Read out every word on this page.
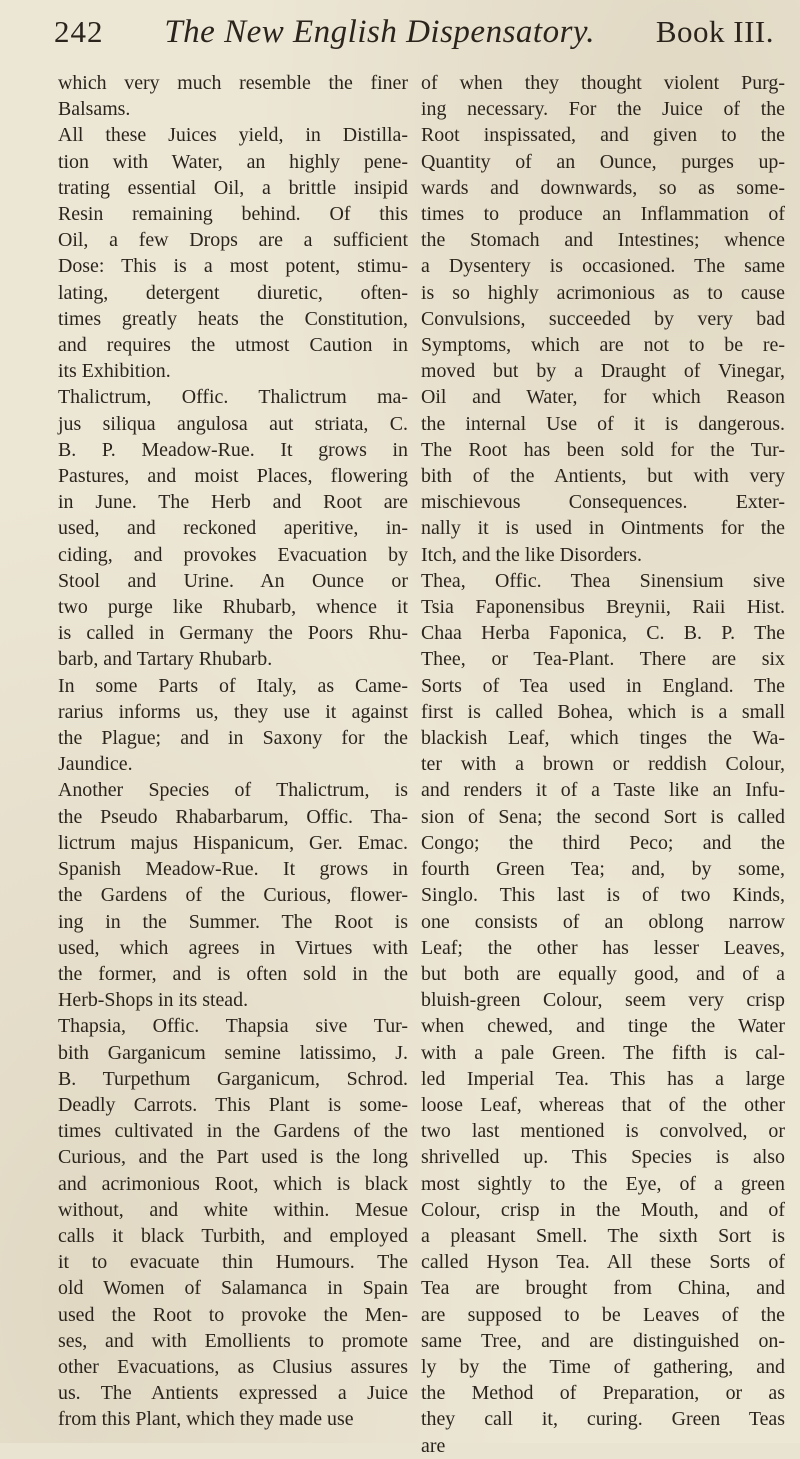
242 The New English Dispensatory. Book III.
which very much resemble the finer
Balsams.
All these Juices yield, in Distilla-
tion with Water, an highly pene-
trating essential Oil, a brittle insipid
Resin remaining behind. Of this
Oil, a few Drops are a sufficient
Dose: This is a most potent, stimu-
lating, detergent diuretic, often-
times greatly heats the Constitution,
and requires the utmost Caution in
its Exhibition.
Thalictrum, Offic. Thalictrum ma-
jus siliqua angulosa aut striata, C.
B. P. Meadow-Rue. It grows in
Pastures, and moist Places, flowering
in June. The Herb and Root are
used, and reckoned aperitive, in-
ciding, and provokes Evacuation by
Stool and Urine. An Ounce or
two purge like Rhubarb, whence it
is called in Germany the Poors Rhu-
barb, and Tartary Rhubarb.
In some Parts of Italy, as Came-
rarius informs us, they use it against
the Plague; and in Saxony for the
Jaundice.
Another Species of Thalictrum, is
the Pseudo Rhabarbarum, Offic. Tha-
lictrum majus Hispanicum, Ger. Emac.
Spanish Meadow-Rue. It grows in
the Gardens of the Curious, flower-
ing in the Summer. The Root is
used, which agrees in Virtues with
the former, and is often sold in the
Herb-Shops in its stead.
Thapsia, Offic. Thapsia sive Tur-
bith Garganicum semine latissimo, J.
B. Turpethum Garganicum, Schrod.
Deadly Carrots. This Plant is some-
times cultivated in the Gardens of the
Curious, and the Part used is the long
and acrimonious Root, which is black
without, and white within. Mesue
calls it black Turbith, and employed
it to evacuate thin Humours. The
old Women of Salamanca in Spain
used the Root to provoke the Men-
ses, and with Emollients to promote
other Evacuations, as Clusius assures
us. The Antients expressed a Juice
from this Plant, which they made use
of when they thought violent Purg-
ing necessary. For the Juice of the
Root inspissated, and given to the
Quantity of an Ounce, purges up-
wards and downwards, so as some-
times to produce an Inflammation of
the Stomach and Intestines; whence
a Dysentery is occasioned. The same
is so highly acrimonious as to cause
Convulsions, succeeded by very bad
Symptoms, which are not to be re-
moved but by a Draught of Vinegar,
Oil and Water, for which Reason
the internal Use of it is dangerous.
The Root has been sold for the Tur-
bith of the Antients, but with very
mischievous Consequences. Exter-
nally it is used in Ointments for the
Itch, and the like Disorders.
Thea, Offic. Thea Sinensium sive
Tsia Faponensibus Breynii, Raii Hist.
Chaa Herba Faponica, C. B. P. The
Thee, or Tea-Plant. There are six
Sorts of Tea used in England. The
first is called Bohea, which is a small
blackish Leaf, which tinges the Wa-
ter with a brown or reddish Colour,
and renders it of a Taste like an Infu-
sion of Sena; the second Sort is called
Congo; the third Peco; and the
fourth Green Tea; and, by some,
Singlo. This last is of two Kinds,
one consists of an oblong narrow
Leaf; the other has lesser Leaves,
but both are equally good, and of a
bluish-green Colour, seem very crisp
when chewed, and tinge the Water
with a pale Green. The fifth is cal-
led Imperial Tea. This has a large
loose Leaf, whereas that of the other
two last mentioned is convolved, or
shrivelled up. This Species is also
most sightly to the Eye, of a green
Colour, crisp in the Mouth, and of
a pleasant Smell. The sixth Sort is
called Hyson Tea. All these Sorts of
Tea are brought from China, and
are supposed to be Leaves of the
same Tree, and are distinguished on-
ly by the Time of gathering, and
the Method of Preparation, or as
they call it, curing. Green Teas
are
